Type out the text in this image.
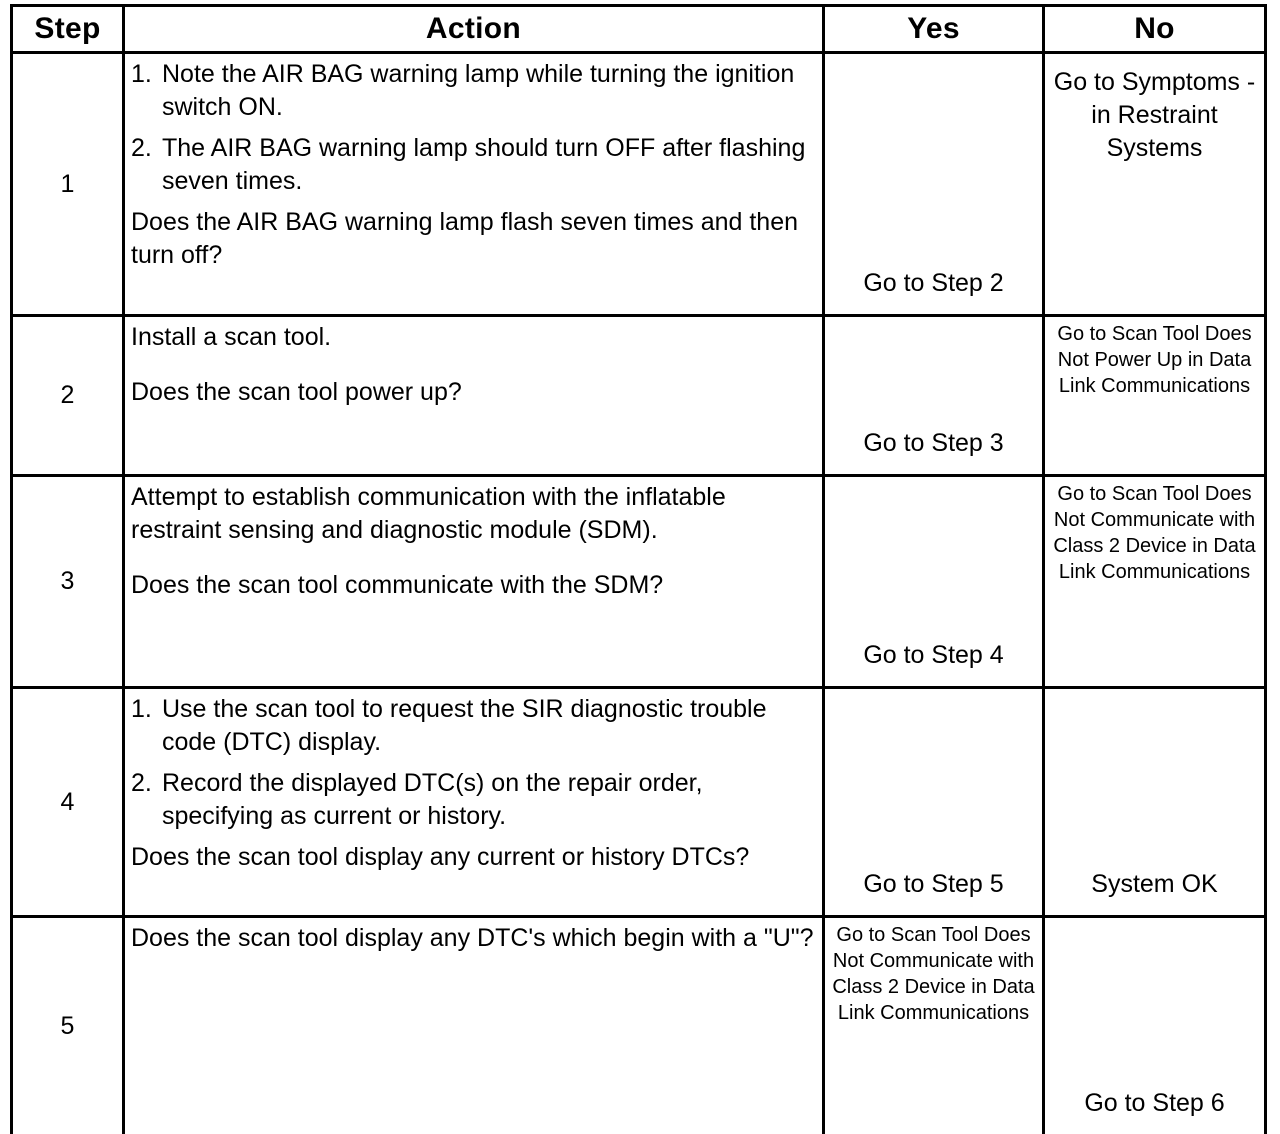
Step	Action	Yes	No
1	1. Note the AIR BAG warning lamp while turning the ignition switch ON.
2. The AIR BAG warning lamp should turn OFF after flashing seven times.

Does the AIR BAG warning lamp flash seven times and then turn off?	Go to Step 2	Go to Symptoms - in Restraint Systems
2	Install a scan tool.

Does the scan tool power up?	Go to Step 3	Go to Scan Tool Does Not Power Up in Data Link Communications
3	Attempt to establish communication with the inflatable restraint sensing and diagnostic module (SDM).

Does the scan tool communicate with the SDM?	Go to Step 4	Go to Scan Tool Does Not Communicate with Class 2 Device in Data Link Communications
4	1. Use the scan tool to request the SIR diagnostic trouble code (DTC) display.
2. Record the displayed DTC(s) on the repair order, specifying as current or history.

Does the scan tool display any current or history DTCs?	Go to Step 5	System OK
5	Does the scan tool display any DTC's which begin with a "U"?	Go to Scan Tool Does Not Communicate with Class 2 Device in Data Link Communications	Go to Step 6
